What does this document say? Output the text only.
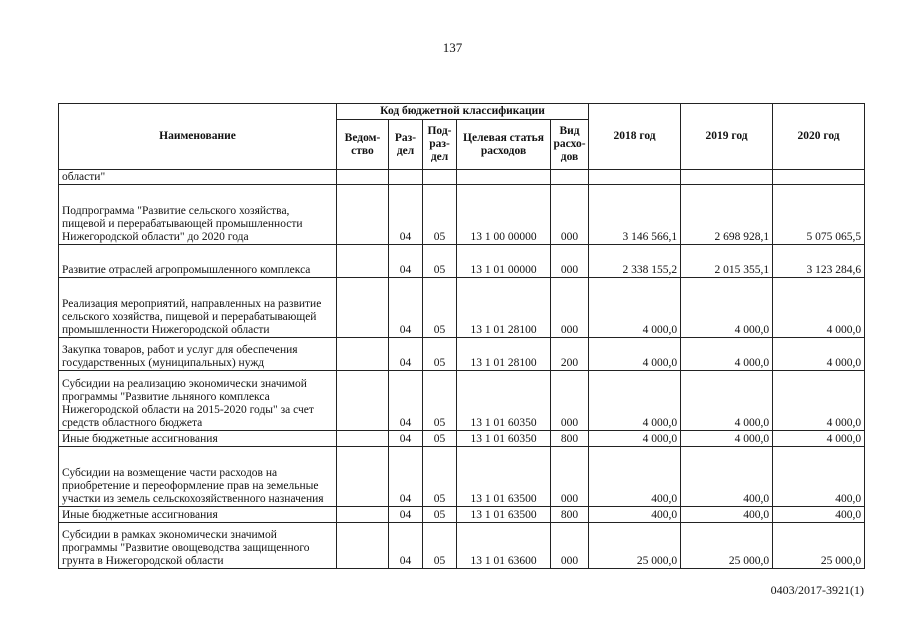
137
Наименование	Код бюджетной классификации					2018 год	2019 год	2020 год
	Ведом-ство	Раз-дел	Под-раз-дел	Целевая статья расходов	Вид расхо-дов			
области"								
Подпрограмма "Развитие сельского хозяйства, пищевой и перерабатывающей промышленности Нижегородской области" до 2020 года		04	05	13 1 00 00000	000	3 146 566,1	2 698 928,1	5 075 065,5
Развитие отраслей агропромышленного комплекса		04	05	13 1 01 00000	000	2 338 155,2	2 015 355,1	3 123 284,6
Реализация мероприятий, направленных на развитие сельского хозяйства, пищевой и перерабатывающей промышленности Нижегородской области		04	05	13 1 01 28100	000	4 000,0	4 000,0	4 000,0
Закупка товаров, работ и услуг для обеспечения государственных (муниципальных) нужд		04	05	13 1 01 28100	200	4 000,0	4 000,0	4 000,0
Субсидии на реализацию экономически значимой программы "Развитие льняного комплекса Нижегородской области на 2015-2020 годы" за счет средств областного бюджета		04	05	13 1 01 60350	000	4 000,0	4 000,0	4 000,0
Иные бюджетные ассигнования		04	05	13 1 01 60350	800	4 000,0	4 000,0	4 000,0
Субсидии на возмещение части расходов на приобретение и переоформление прав на земельные участки из земель сельскохозяйственного назначения		04	05	13 1 01 63500	000	400,0	400,0	400,0
Иные бюджетные ассигнования		04	05	13 1 01 63500	800	400,0	400,0	400,0
Субсидии в рамках экономически значимой программы "Развитие овощеводства защищенного грунта в Нижегородской области		04	05	13 1 01 63600	000	25 000,0	25 000,0	25 000,0
0403/2017-3921(1)
